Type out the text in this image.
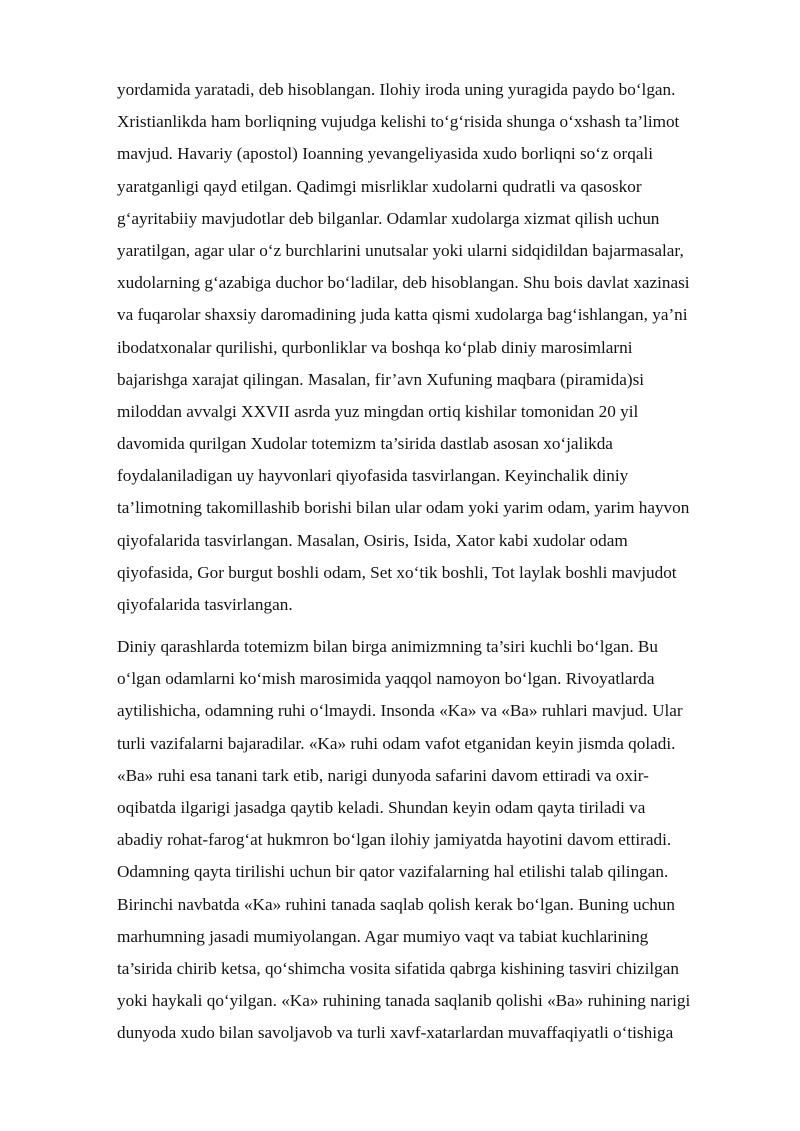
yordamida yaratadi, deb hisoblangan. Ilohiy iroda uning yuragida paydo bo‘lgan.
Xristianlikda ham borliqning vujudga kelishi to‘g‘risida shunga o‘xshash ta’limot
mavjud. Havariy (apostol) Ioanning yevangeliyasida xudo borliqni so‘z orqali
yaratganligi qayd etilgan. Qadimgi misrliklar xudolarni qudratli va qasoskor
g‘ayritabiiy mavjudotlar deb bilganlar. Odamlar xudolarga xizmat qilish uchun
yaratilgan, agar ular o‘z burchlarini unutsalar yoki ularni sidqidildan bajarmasalar,
xudolarning g‘azabiga duchor bo‘ladilar, deb hisoblangan. Shu bois davlat xazinasi
va fuqarolar shaxsiy daromadining juda katta qismi xudolarga bag‘ishlangan, ya’ni
ibodatxonalar qurilishi, qurbonliklar va boshqa ko‘plab diniy marosimlarni
bajarishga xarajat qilingan. Masalan, fir’avn Xufuning maqbara (piramida)si
miloddan avvalgi XXVII asrda yuz mingdan ortiq kishilar tomonidan 20 yil
davomida qurilgan Xudolar totemizm ta’sirida dastlab asosan xo‘jalikda
foydalaniladigan uy hayvonlari qiyofasida tasvirlangan. Keyinchalik diniy
ta’limotning takomillashib borishi bilan ular odam yoki yarim odam, yarim hayvon
qiyofalarida tasvirlangan. Masalan, Osiris, Isida, Xator kabi xudolar odam
qiyofasida, Gor burgut boshli odam, Set xo‘tik boshli, Tot laylak boshli mavjudot
qiyofalarida tasvirlangan.
Diniy qarashlarda totemizm bilan birga animizmning ta’siri kuchli bo‘lgan. Bu
o‘lgan odamlarni ko‘mish marosimida yaqqol namoyon bo‘lgan. Rivoyatlarda
aytilishicha, odamning ruhi o‘lmaydi. Insonda «Ka» va «Ba» ruhlari mavjud. Ular
turli vazifalarni bajaradilar. «Ka» ruhi odam vafot etganidan keyin jismda qoladi.
«Ba» ruhi esa tanani tark etib, narigi dunyoda safarini davom ettiradi va oxir-
oqibatda ilgarigi jasadga qaytib keladi. Shundan keyin odam qayta tiriladi va
abadiy rohat-farog‘at hukmron bo‘lgan ilohiy jamiyatda hayotini davom ettiradi.
Odamning qayta tirilishi uchun bir qator vazifalarning hal etilishi talab qilingan.
Birinchi navbatda «Ka» ruhini tanada saqlab qolish kerak bo‘lgan. Buning uchun
marhumning jasadi mumiyolangan. Agar mumiyo vaqt va tabiat kuchlarining
ta’sirida chirib ketsa, qo‘shimcha vosita sifatida qabrga kishining tasviri chizilgan
yoki haykali qo‘yilgan. «Ka» ruhining tanada saqlanib qolishi «Ba» ruhining narigi
dunyoda xudo bilan savoljavob va turli xavf-xatarlardan muvaffaqiyatli o‘tishiga
